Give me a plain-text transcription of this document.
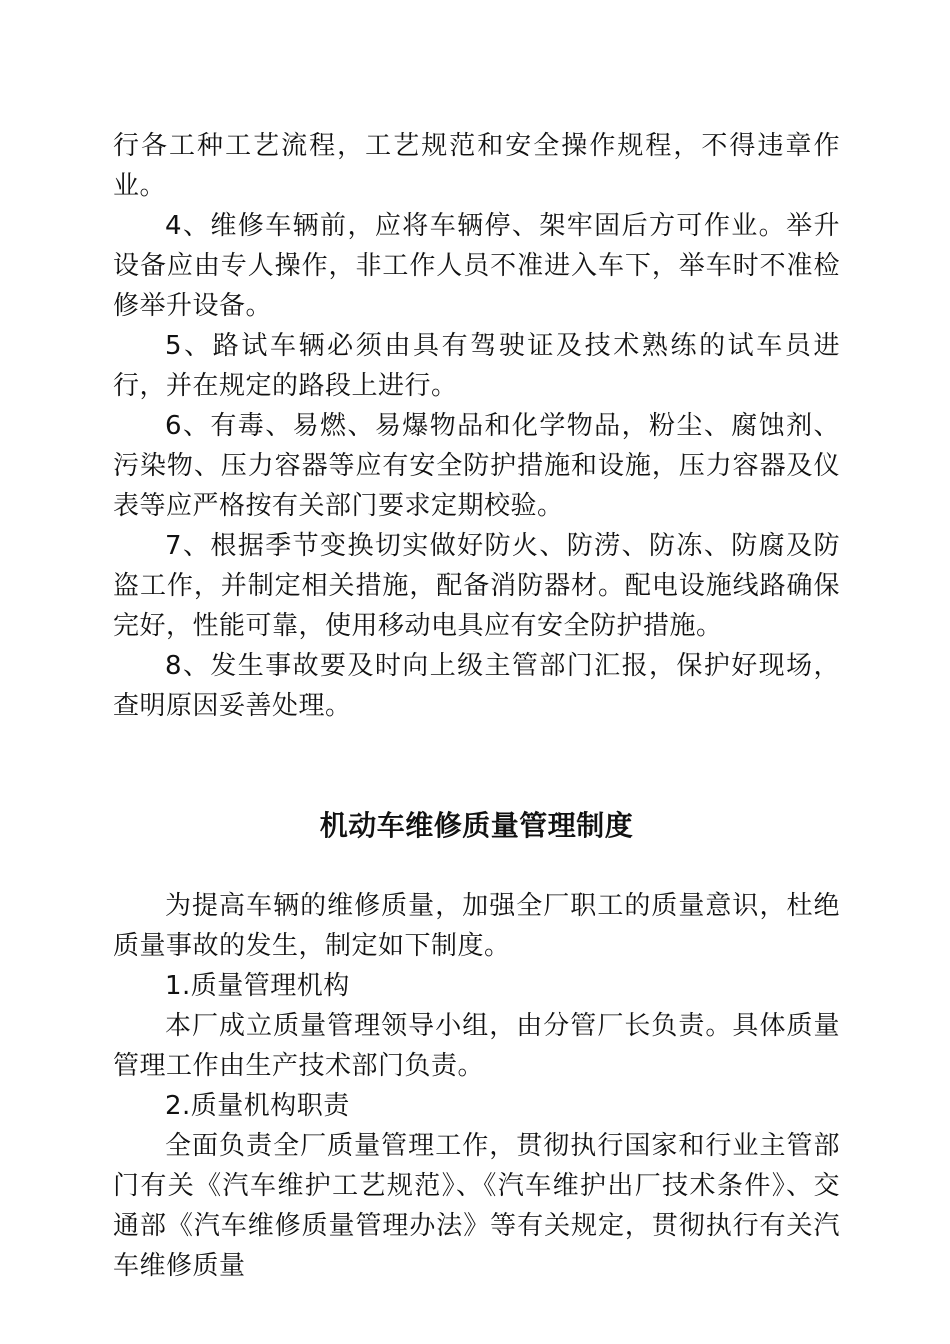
行各工种工艺流程，工艺规范和安全操作规程，不得违章作业。

4、维修车辆前，应将车辆停、架牢固后方可作业。举升设备应由专人操作，非工作人员不准进入车下，举车时不准检修举升设备。

5、路试车辆必须由具有驾驶证及技术熟练的试车员进行，并在规定的路段上进行。

6、有毒、易燃、易爆物品和化学物品，粉尘、腐蚀剂、污染物、压力容器等应有安全防护措施和设施，压力容器及仪表等应严格按有关部门要求定期校验。

7、根据季节变换切实做好防火、防涝、防冻、防腐及防盗工作，并制定相关措施，配备消防器材。配电设施线路确保完好，性能可靠，使用移动电具应有安全防护措施。

8、发生事故要及时向上级主管部门汇报，保护好现场，查明原因妥善处理。

机动车维修质量管理制度

为提高车辆的维修质量，加强全厂职工的质量意识，杜绝质量事故的发生，制定如下制度。

1.质量管理机构

本厂成立质量管理领导小组，由分管厂长负责。具体质量管理工作由生产技术部门负责。

2.质量机构职责

全面负责全厂质量管理工作，贯彻执行国家和行业主管部门有关《汽车维护工艺规范》、《汽车维护出厂技术条件》、交通部《汽车维修质量管理办法》等有关规定，贯彻执行有关汽车维修质量
